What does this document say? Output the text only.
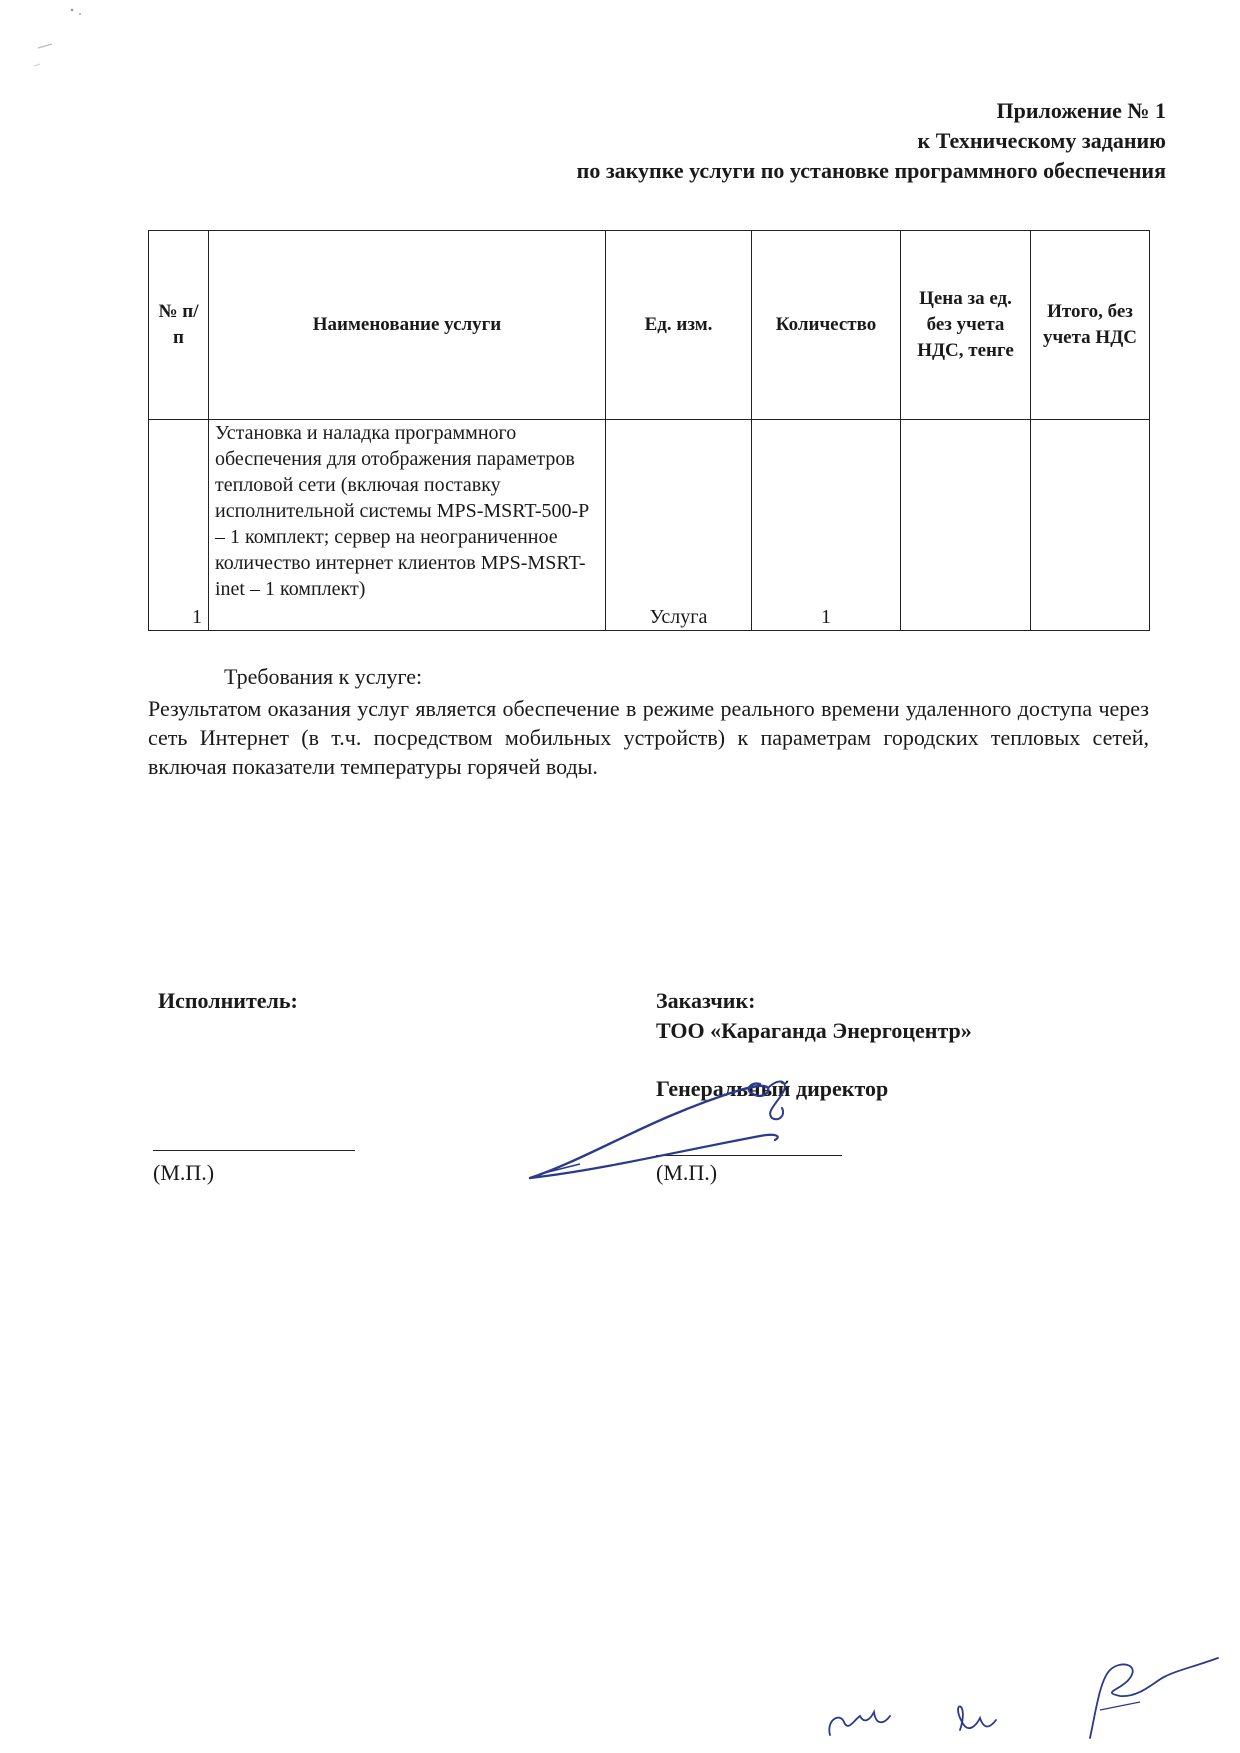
Приложение № 1
к Техническому заданию
по закупке услуги по установке программного обеспечения
№ п/п	Наименование услуги	Ед. изм.	Количество	Цена за ед. без учета НДС, тенге	Итого, без учета НДС
1	Установка и наладка программного обеспечения для отображения параметров тепловой сети (включая поставку исполнительной системы MPS-MSRT-500-P – 1 комплект; сервер на неограниченное количество интернет клиентов MPS-MSRT-inet – 1 комплект)	Услуга	1		
Требования к услуге:
Результатом оказания услуг является обеспечение в режиме реального времени удаленного доступа через сеть Интернет (в т.ч. посредством мобильных устройств) к параметрам городских тепловых сетей, включая показатели температуры горячей воды.
Исполнитель:
(М.П.)
Заказчик:
ТОО «Караганда Энергоцентр»
Генеральный директор
(М.П.)
